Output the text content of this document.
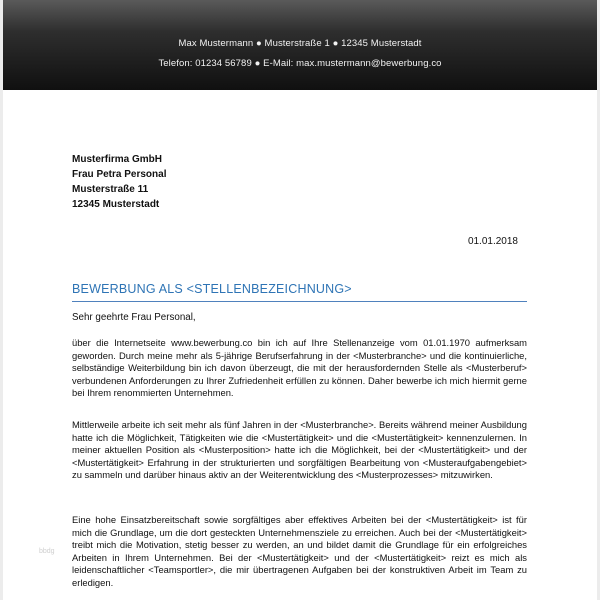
Max Mustermann ● Musterstraße 1 ● 12345 Musterstadt
Telefon: 01234 56789 ● E-Mail: max.mustermann@bewerbung.co
Musterfirma GmbH
Frau Petra Personal
Musterstraße 11
12345 Musterstadt
01.01.2018
BEWERBUNG ALS <STELLENBEZEICHNUNG>
Sehr geehrte Frau Personal,
über die Internetseite www.bewerbung.co bin ich auf Ihre Stellenanzeige vom 01.01.1970 aufmerksam geworden. Durch meine mehr als 5-jährige Berufserfahrung in der <Musterbranche> und die kontinuierliche, selbständige Weiterbildung bin ich davon überzeugt, die mit der herausfordernden Stelle als <Musterberuf> verbundenen Anforderungen zu Ihrer Zufriedenheit erfüllen zu können. Daher bewerbe ich mich hiermit gerne bei Ihrem renommierten Unternehmen.
Mittlerweile arbeite ich seit mehr als fünf Jahren in der <Musterbranche>. Bereits während meiner Ausbildung hatte ich die Möglichkeit, Tätigkeiten wie die <Mustertätigkeit> und die <Mustertätigkeit> kennenzulernen. In meiner aktuellen Position als <Musterposition> hatte ich die Möglichkeit, bei der <Mustertätigkeit> und der <Mustertätigkeit> Erfahrung in der strukturierten und sorgfältigen Bearbeitung von <Musteraufgabengebiet> zu sammeln und darüber hinaus aktiv an der Weiterentwicklung des <Musterprozesses> mitzuwirken.
Eine hohe Einsatzbereitschaft sowie sorgfältiges aber effektives Arbeiten bei der <Mustertätigkeit> ist für mich die Grundlage, um die dort gesteckten Unternehmensziele zu erreichen. Auch bei der <Mustertätigkeit> treibt mich die Motivation, stetig besser zu werden, an und bildet damit die Grundlage für ein erfolgreiches Arbeiten in Ihrem Unternehmen. Bei der <Mustertätigkeit> und der <Mustertätigkeit> reizt es mich als leidenschaftlicher <Teamsportler>, die mir übertragenen Aufgaben bei der konstruktiven Arbeit im Team zu erledigen.
bbdg
